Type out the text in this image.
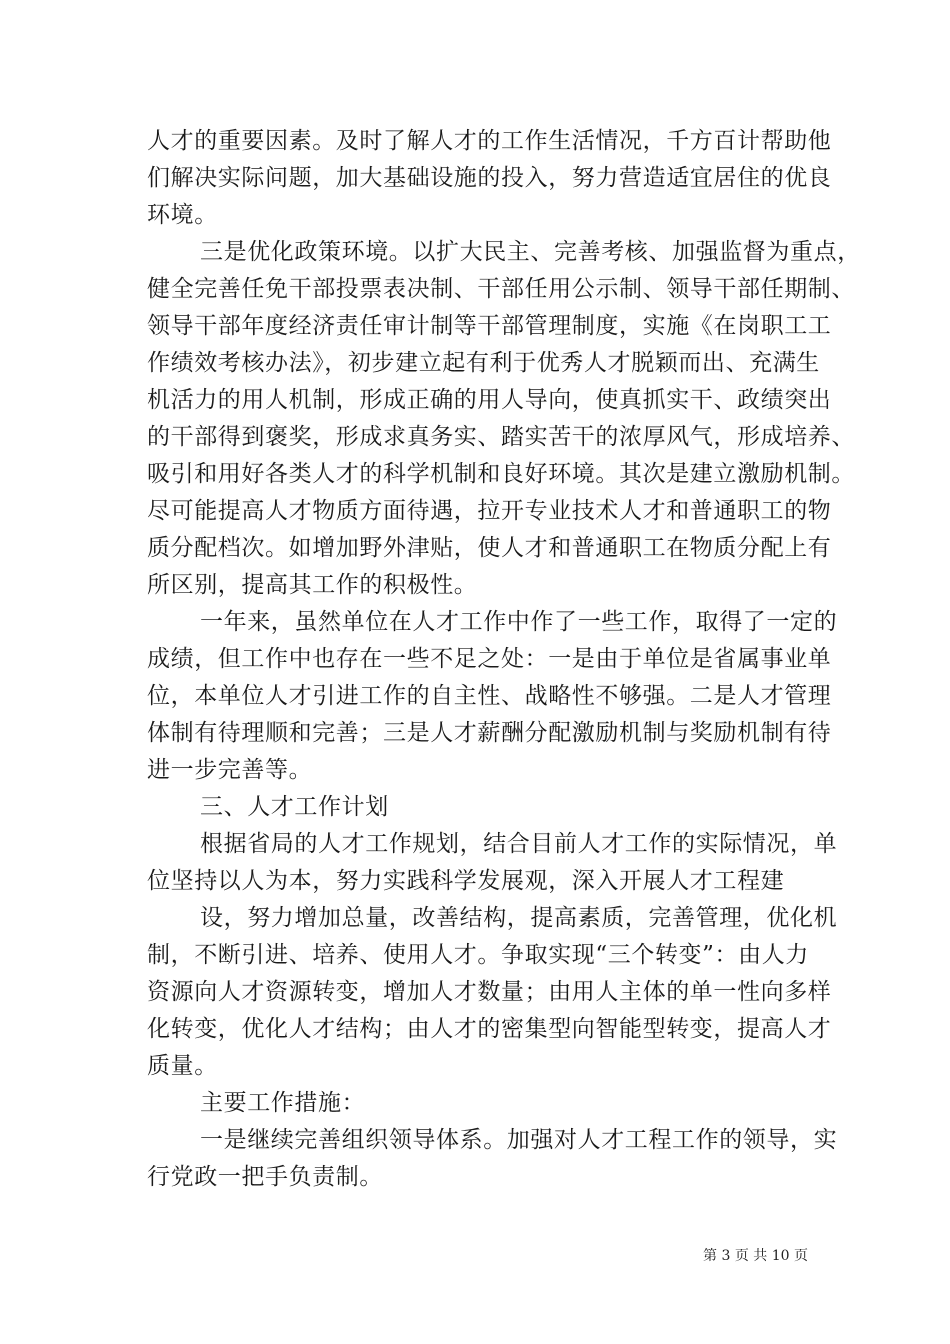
人才的重要因素。及时了解人才的工作生活情况，千方百计帮助他
们解决实际问题，加大基础设施的投入，努力营造适宜居住的优良
环境。
三是优化政策环境。以扩大民主、完善考核、加强监督为重点，
健全完善任免干部投票表决制、干部任用公示制、领导干部任期制、
领导干部年度经济责任审计制等干部管理制度，实施《在岗职工工
作绩效考核办法》，初步建立起有利于优秀人才脱颖而出、充满生
机活力的用人机制，形成正确的用人导向，使真抓实干、政绩突出
的干部得到褒奖，形成求真务实、踏实苦干的浓厚风气，形成培养、
吸引和用好各类人才的科学机制和良好环境。其次是建立激励机制。
尽可能提高人才物质方面待遇，拉开专业技术人才和普通职工的物
质分配档次。如增加野外津贴，使人才和普通职工在物质分配上有
所区别，提高其工作的积极性。
一年来，虽然单位在人才工作中作了一些工作，取得了一定的
成绩，但工作中也存在一些不足之处：一是由于单位是省属事业单
位，本单位人才引进工作的自主性、战略性不够强。二是人才管理
体制有待理顺和完善；三是人才薪酬分配激励机制与奖励机制有待
进一步完善等。
三、人才工作计划
根据省局的人才工作规划，结合目前人才工作的实际情况，单
位坚持以人为本，努力实践科学发展观，深入开展人才工程建
设，努力增加总量，改善结构，提高素质，完善管理，优化机
制，不断引进、培养、使用人才。争取实现“三个转变”：由人力
资源向人才资源转变，增加人才数量；由用人主体的单一性向多样
化转变，优化人才结构；由人才的密集型向智能型转变，提高人才
质量。
主要工作措施：
一是继续完善组织领导体系。加强对人才工程工作的领导，实
行党政一把手负责制。
第 3 页 共 10 页
